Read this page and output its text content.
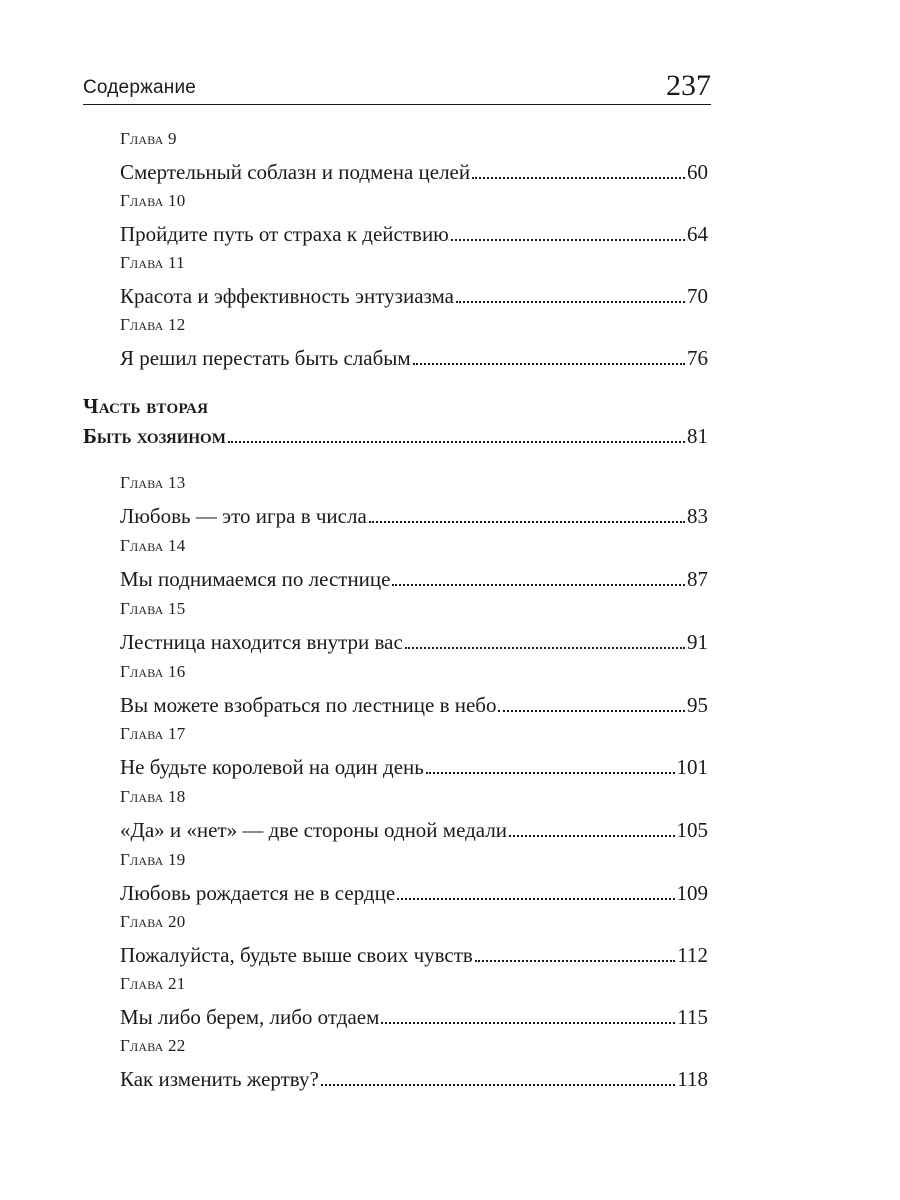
Содержание	237
Глава 9
Смертельный соблазн и подмена целей	60
Глава 10
Пройдите путь от страха к действию	64
Глава 11
Красота и эффективность энтузиазма	70
Глава 12
Я решил перестать быть слабым	76
Часть вторая
Быть хозяином	81
Глава 13
Любовь — это игра в числа	83
Глава 14
Мы поднимаемся по лестнице	87
Глава 15
Лестница находится внутри вас	91
Глава 16
Вы можете взобраться по лестнице в небо	95
Глава 17
Не будьте королевой на один день	101
Глава 18
«Да» и «нет» — две стороны одной медали	105
Глава 19
Любовь рождается не в сердце	109
Глава 20
Пожалуйста, будьте выше своих чувств	112
Глава 21
Мы либо берем, либо отдаем	115
Глава 22
Как изменить жертву?	118
